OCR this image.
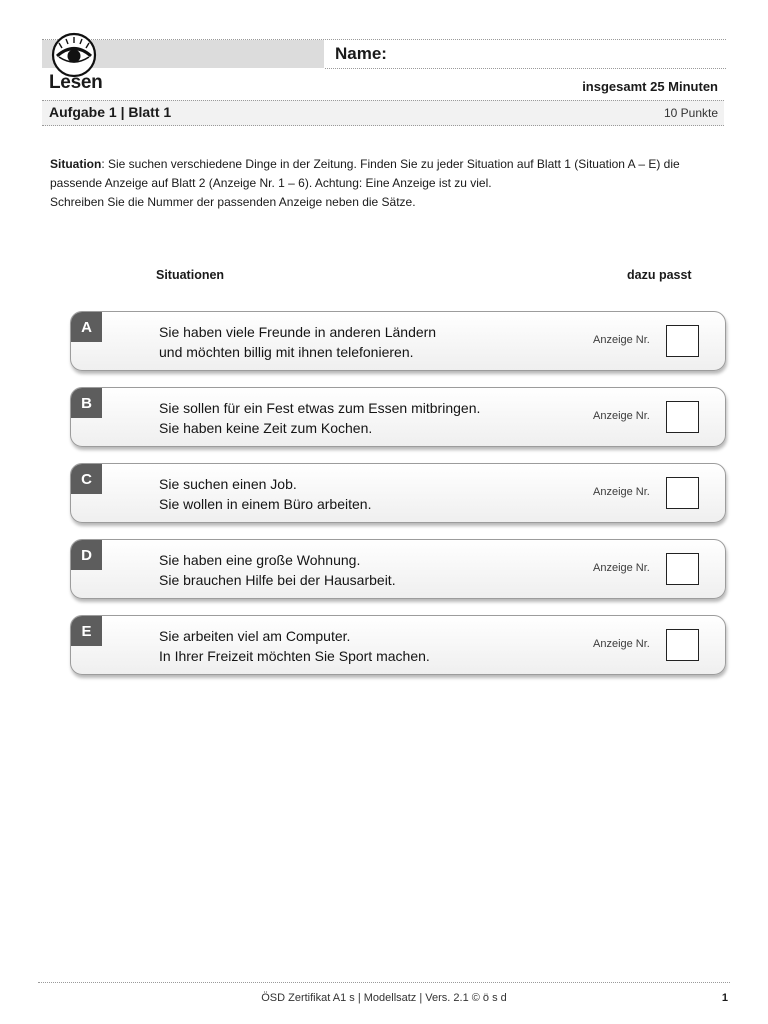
Name:
Lesen	insgesamt 25 Minuten
Aufgabe 1 | Blatt 1	10 Punkte

Situation: Sie suchen verschiedene Dinge in der Zeitung. Finden Sie zu jeder Situation auf Blatt 1 (Situation A – E) die

passende Anzeige auf Blatt 2 (Anzeige Nr. 1 – 6). Achtung: Eine Anzeige ist zu viel.

Schreiben Sie die Nummer der passenden Anzeige neben die Sätze.

Situationen	dazu passt
A	Sie haben viele Freunde in anderen Ländern
und möchten billig mit ihnen telefonieren.
Anzeige Nr.
B	Sie sollen für ein Fest etwas zum Essen mitbringen.
Sie haben keine Zeit zum Kochen.
Anzeige Nr.
C	Sie suchen einen Job.
Sie wollen in einem Büro arbeiten.
Anzeige Nr.
D	Sie haben eine große Wohnung.
Sie brauchen Hilfe bei der Hausarbeit.
Anzeige Nr.
E	Sie arbeiten viel am Computer.
In Ihrer Freizeit möchten Sie Sport machen.
Anzeige Nr.
ÖSD Zertifikat A1 s | Modellsatz | Vers. 2.1 © ö s d	1
